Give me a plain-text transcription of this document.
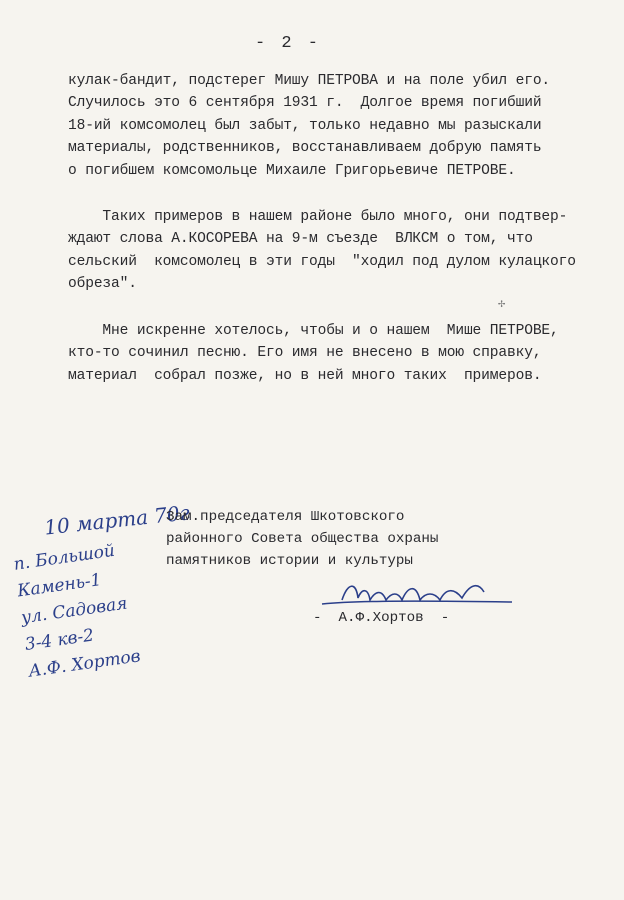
- 2 -
кулак-бандит, подстерег Мишу ПЕТРОВА и на поле убил его.
Случилось это 6 сентября 1931 г.  Долгое время погибший
18-ий комсомолец был забыт, только недавно мы разыскали
материалы, родственников, восстанавливаем добрую память
о погибшем комсомольце Михаиле Григорьевиче ПЕТРОВЕ.
Таких примеров в нашем районе было много, они подтвер-
ждают слова А.КОСОРЕВА на 9-м съезде  ВЛКСМ о том, что
сельский  комсомолец в эти годы  "ходил под дулом кулацкого
обреза".
Мне искренне хотелось, чтобы и о нашем  Мише ПЕТРОВЕ,
кто-то сочинил песню. Его имя не внесено в мою справку,
материал  собрал позже, но в ней много таких  примеров.
✢
10 марта 70г
п. Большой
Камень-1
ул. Садовая
3-4 кв-2
А.Ф. Хортов
Зам.председателя Шкотовского
районного Совета общества охраны
памятников истории и культуры
-  А.Ф.Хортов  -
